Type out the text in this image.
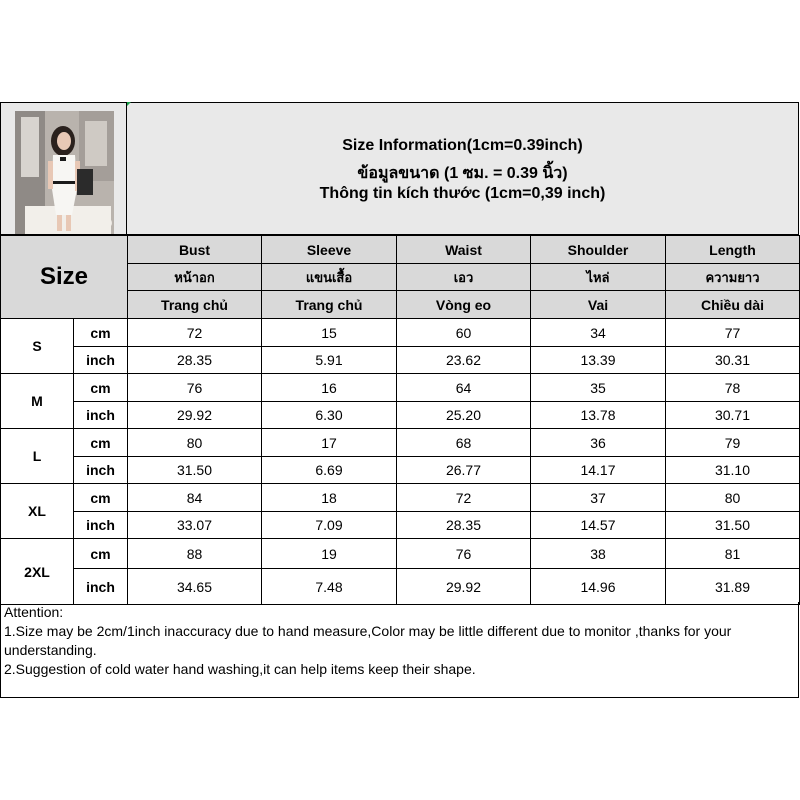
Size Information(1cm=0.39inch)
ข้อมูลขนาด (1 ซม. = 0.39 นิ้ว)
Thông tin kích thước (1cm=0,39 inch)
Size		Bust	Sleeve	Waist	Shoulder	Length
		หน้าอก	แขนเสื้อ	เอว	ไหล่	ความยาว
		Trang chủ	Trang chủ	Vòng eo	Vai	Chiều dài
S	cm	72	15	60	34	77
	inch	28.35	5.91	23.62	13.39	30.31
M	cm	76	16	64	35	78
	inch	29.92	6.30	25.20	13.78	30.71
L	cm	80	17	68	36	79
	inch	31.50	6.69	26.77	14.17	31.10
XL	cm	84	18	72	37	80
	inch	33.07	7.09	28.35	14.57	31.50
2XL	cm	88	19	76	38	81
	inch	34.65	7.48	29.92	14.96	31.89
Attention:
1.Size may be 2cm/1inch inaccuracy due to hand measure,Color may be little different due to monitor ,thanks for your understanding.
2.Suggestion of cold water hand washing,it can help items keep their shape.
